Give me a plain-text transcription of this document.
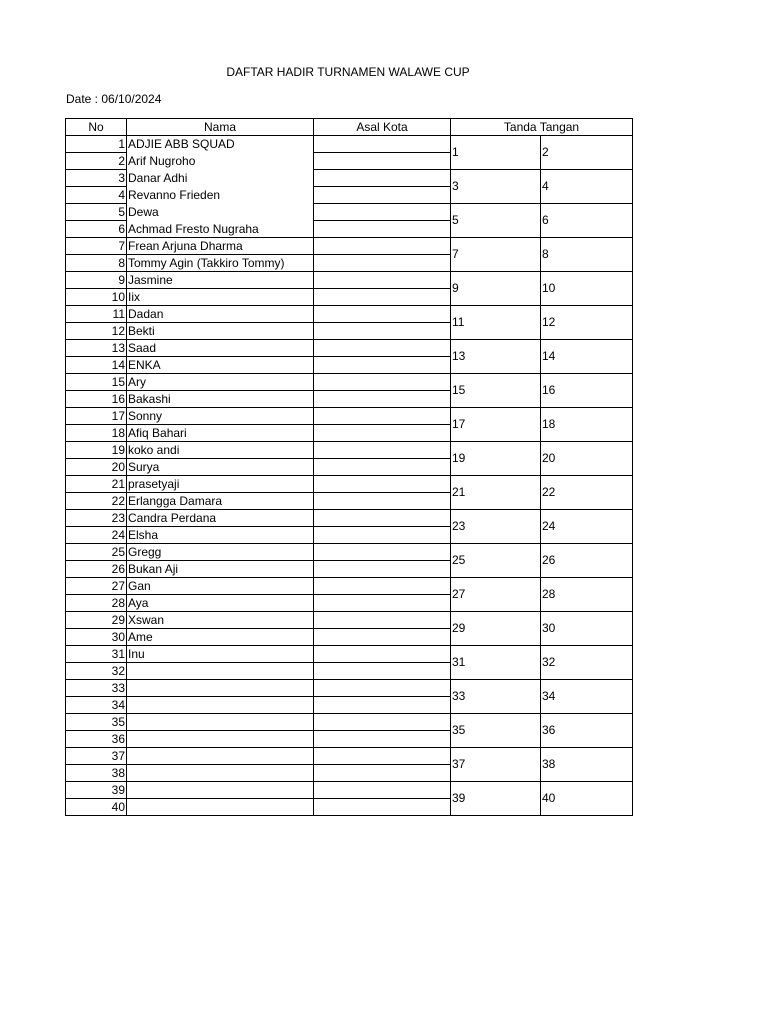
DAFTAR HADIR TURNAMEN WALAWE CUP
Date : 06/10/2024
No	Nama	Asal Kota	Tanda Tangan	
1	ADJIE ABB SQUAD		1	2
2	Arif Nugroho			
3	Danar Adhi		3	4
4	Revanno Frieden			
5	Dewa		5	6
6	Achmad Fresto Nugraha			
7	Frean Arjuna Dharma		7	8
8	Tommy Agin (Takkiro Tommy)			
9	Jasmine		9	10
10	Iix			
11	Dadan		11	12
12	Bekti			
13	Saad		13	14
14	ENKA			
15	Ary		15	16
16	Bakashi			
17	Sonny		17	18
18	Afiq Bahari			
19	koko andi		19	20
20	Surya			
21	prasetyaji		21	22
22	Erlangga Damara			
23	Candra Perdana		23	24
24	Elsha			
25	Gregg		25	26
26	Bukan Aji			
27	Gan		27	28
28	Aya			
29	Xswan		29	30
30	Ame			
31	Inu		31	32
32				
33			33	34
34				
35			35	36
36				
37			37	38
38				
39			39	40
40				
